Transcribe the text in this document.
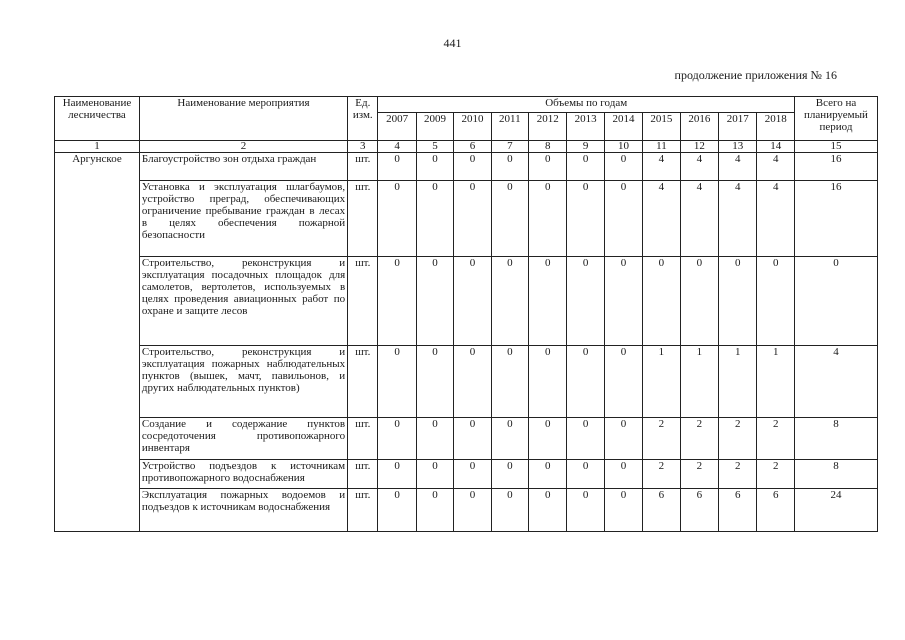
441
продолжение приложения № 16
Наименование лесничества	Наименование мероприятия	Ед. изм.	Объемы по годам											Всего на планируемый период
			2007	2009	2010	2011	2012	2013	2014	2015	2016	2017	2018	
1	2	3	4	5	6	7	8	9	10	11	12	13	14	15
Аргунское	Благоустройство зон отдыха граждан	шт.	0	0	0	0	0	0	0	4	4	4	4	16
	Установка и эксплуатация шлагбаумов, устройство преград, обеспечивающих ограничение пребывание граждан в лесах в целях обеспечения пожарной безопасности	шт.	0	0	0	0	0	0	0	4	4	4	4	16
	Строительство, реконструкция и эксплуатация посадочных площадок для самолетов, вертолетов, используемых в целях проведения авиационных работ по охране и защите лесов	шт.	0	0	0	0	0	0	0	0	0	0	0	0
	Строительство, реконструкция и эксплуатация пожарных наблюдательных пунктов (вышек, мачт, павильонов, и других наблюдательных пунктов)	шт.	0	0	0	0	0	0	0	1	1	1	1	4
	Создание и содержание пунктов сосредоточения противопожарного инвентаря	шт.	0	0	0	0	0	0	0	2	2	2	2	8
	Устройство подъездов к источникам противопожарного водоснабжения	шт.	0	0	0	0	0	0	0	2	2	2	2	8
	Эксплуатация пожарных водоемов и подъездов к источникам водоснабжения	шт.	0	0	0	0	0	0	0	6	6	6	6	24
